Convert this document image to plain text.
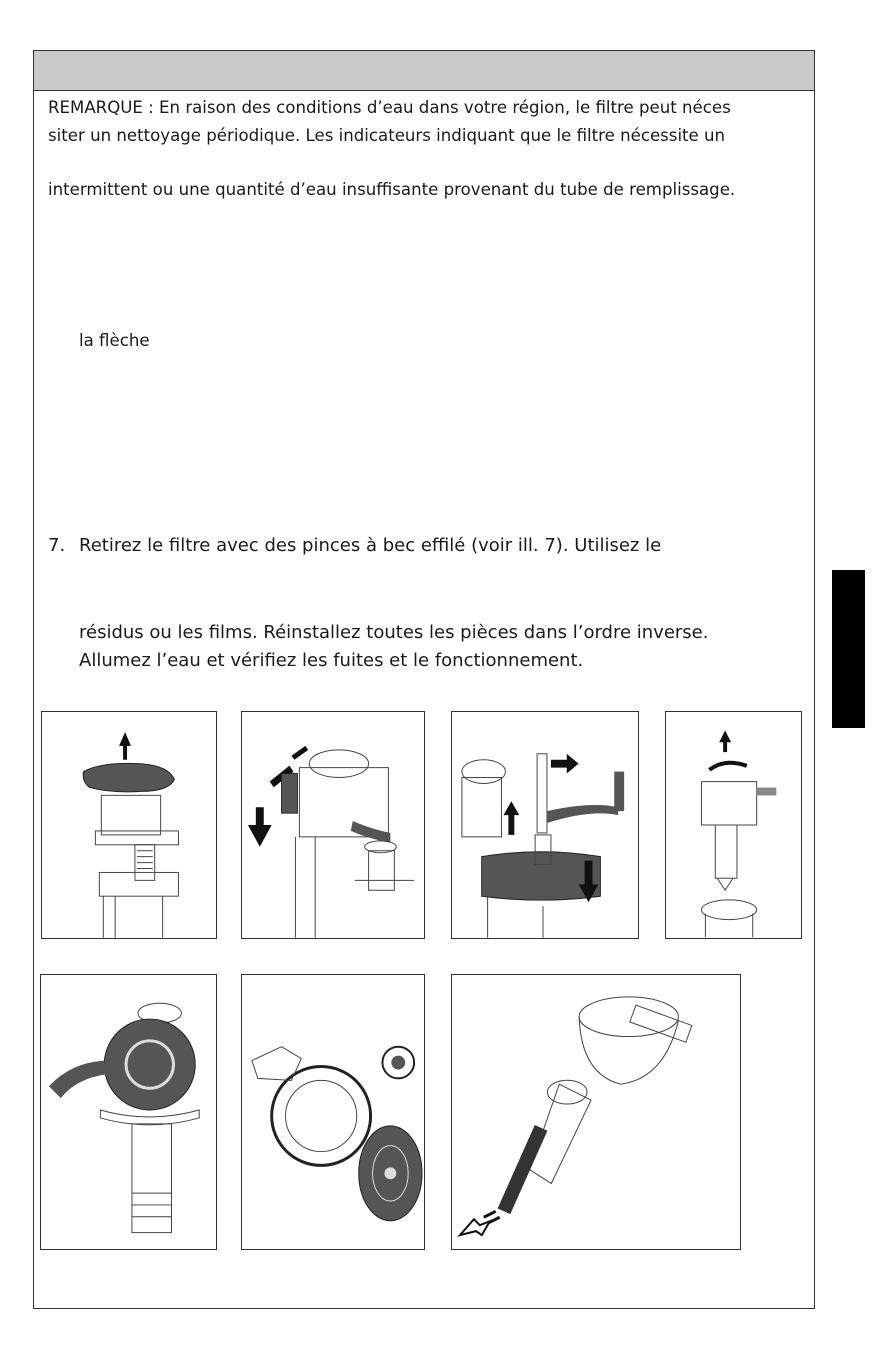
REMARQUE : En raison des conditions d’eau dans votre région, le filtre peut néces
siter un nettoyage périodique. Les indicateurs indiquant que le filtre nécessite un
intermittent ou une quantité d’eau insuffisante provenant du tube de remplissage.
la flèche
7. Retirez le filtre avec des pinces à bec effilé (voir ill. 7). Utilisez le
résidus ou les films. Réinstallez toutes les pièces dans l’ordre inverse.
Allumez l’eau et vérifiez les fuites et le fonctionnement.
